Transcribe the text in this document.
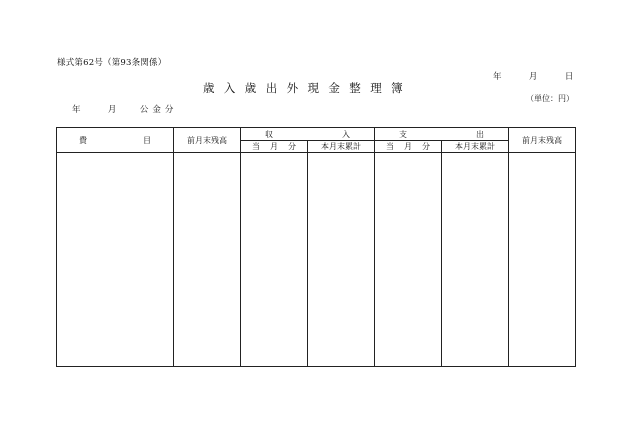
様式第62号（第93条関係）
年	月	日
歳入歳出外現金整理簿
（単位：円）
年	月	公金分
費 目	前月末残高	収 入		支 出		前月末残高

		当 月 分	本月末累計	当 月 分	本月末累計	
